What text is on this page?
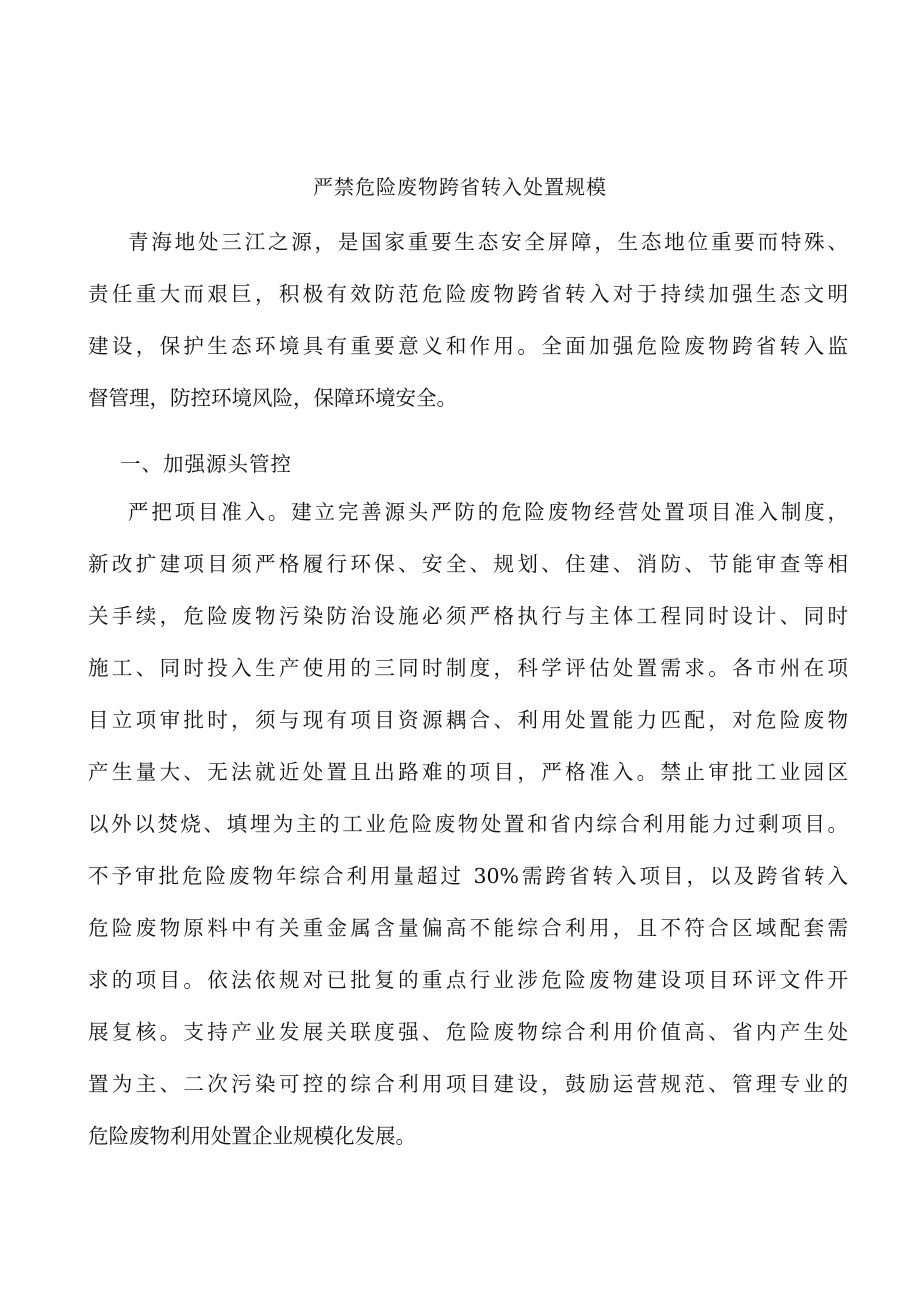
严禁危险废物跨省转入处置规模

青海地处三江之源，是国家重要生态安全屏障，生态地位重要而特殊、

责任重大而艰巨，积极有效防范危险废物跨省转入对于持续加强生态文明

建设，保护生态环境具有重要意义和作用。全面加强危险废物跨省转入监

督管理，防控环境风险，保障环境安全。

一、加强源头管控

严把项目准入。建立完善源头严防的危险废物经营处置项目准入制度，

新改扩建项目须严格履行环保、安全、规划、住建、消防、节能审查等相

关手续，危险废物污染防治设施必须严格执行与主体工程同时设计、同时

施工、同时投入生产使用的三同时制度，科学评估处置需求。各市州在项

目立项审批时，须与现有项目资源耦合、利用处置能力匹配，对危险废物

产生量大、无法就近处置且出路难的项目，严格准入。禁止审批工业园区

以外以焚烧、填埋为主的工业危险废物处置和省内综合利用能力过剩项目。

不予审批危险废物年综合利用量超过 30%需跨省转入项目，以及跨省转入

危险废物原料中有关重金属含量偏高不能综合利用，且不符合区域配套需

求的项目。依法依规对已批复的重点行业涉危险废物建设项目环评文件开

展复核。支持产业发展关联度强、危险废物综合利用价值高、省内产生处

置为主、二次污染可控的综合利用项目建设，鼓励运营规范、管理专业的

危险废物利用处置企业规模化发展。
